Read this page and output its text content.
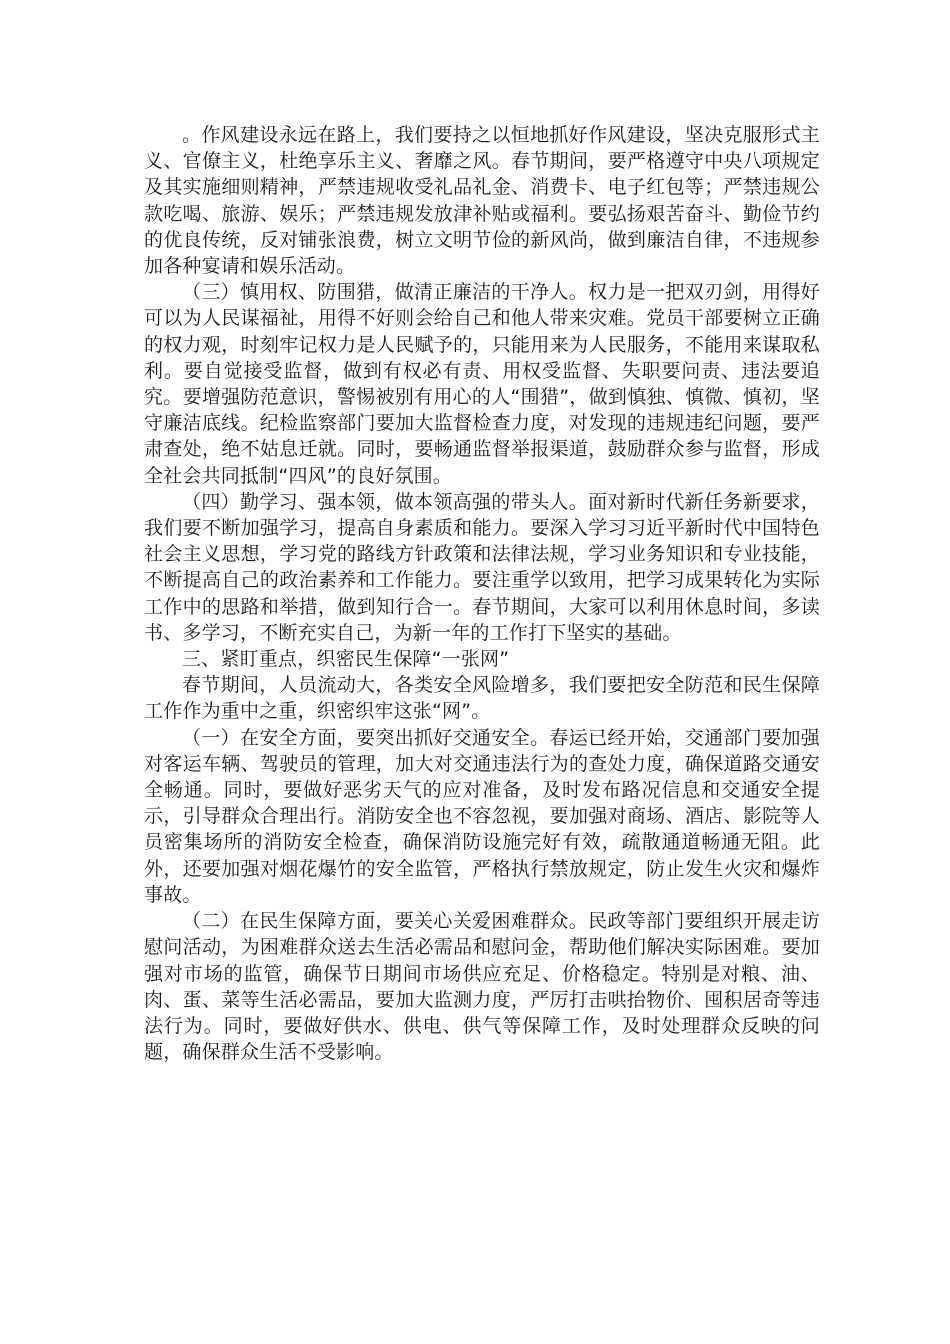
。作风建设永远在路上，我们要持之以恒地抓好作风建设，坚决克服形式主义、官僚主义，杜绝享乐主义、奢靡之风。春节期间，要严格遵守中央八项规定及其实施细则精神，严禁违规收受礼品礼金、消费卡、电子红包等；严禁违规公款吃喝、旅游、娱乐；严禁违规发放津补贴或福利。要弘扬艰苦奋斗、勤俭节约的优良传统，反对铺张浪费，树立文明节俭的新风尚，做到廉洁自律，不违规参加各种宴请和娱乐活动。

（三）慎用权、防围猎，做清正廉洁的干净人。权力是一把双刃剑，用得好可以为人民谋福祉，用得不好则会给自己和他人带来灾难。党员干部要树立正确的权力观，时刻牢记权力是人民赋予的，只能用来为人民服务，不能用来谋取私利。要自觉接受监督，做到有权必有责、用权受监督、失职要问责、违法要追究。要增强防范意识，警惕被别有用心的人“围猎”，做到慎独、慎微、慎初，坚守廉洁底线。纪检监察部门要加大监督检查力度，对发现的违规违纪问题，要严肃查处，绝不姑息迁就。同时，要畅通监督举报渠道，鼓励群众参与监督，形成全社会共同抵制“四风”的良好氛围。

（四）勤学习、强本领，做本领高强的带头人。面对新时代新任务新要求，我们要不断加强学习，提高自身素质和能力。要深入学习习近平新时代中国特色社会主义思想，学习党的路线方针政策和法律法规，学习业务知识和专业技能，不断提高自己的政治素养和工作能力。要注重学以致用，把学习成果转化为实际工作中的思路和举措，做到知行合一。春节期间，大家可以利用休息时间，多读书、多学习，不断充实自己，为新一年的工作打下坚实的基础。

三、紧盯重点，织密民生保障“一张网”

春节期间，人员流动大，各类安全风险增多，我们要把安全防范和民生保障工作作为重中之重，织密织牢这张“网”。

（一）在安全方面，要突出抓好交通安全。春运已经开始，交通部门要加强对客运车辆、驾驶员的管理，加大对交通违法行为的查处力度，确保道路交通安全畅通。同时，要做好恶劣天气的应对准备，及时发布路况信息和交通安全提示，引导群众合理出行。消防安全也不容忽视，要加强对商场、酒店、影院等人员密集场所的消防安全检查，确保消防设施完好有效，疏散通道畅通无阻。此外，还要加强对烟花爆竹的安全监管，严格执行禁放规定，防止发生火灾和爆炸事故。

（二）在民生保障方面，要关心关爱困难群众。民政等部门要组织开展走访慰问活动，为困难群众送去生活必需品和慰问金，帮助他们解决实际困难。要加强对市场的监管，确保节日期间市场供应充足、价格稳定。特别是对粮、油、肉、蛋、菜等生活必需品，要加大监测力度，严厉打击哄抬物价、囤积居奇等违法行为。同时，要做好供水、供电、供气等保障工作，及时处理群众反映的问题，确保群众生活不受影响。
